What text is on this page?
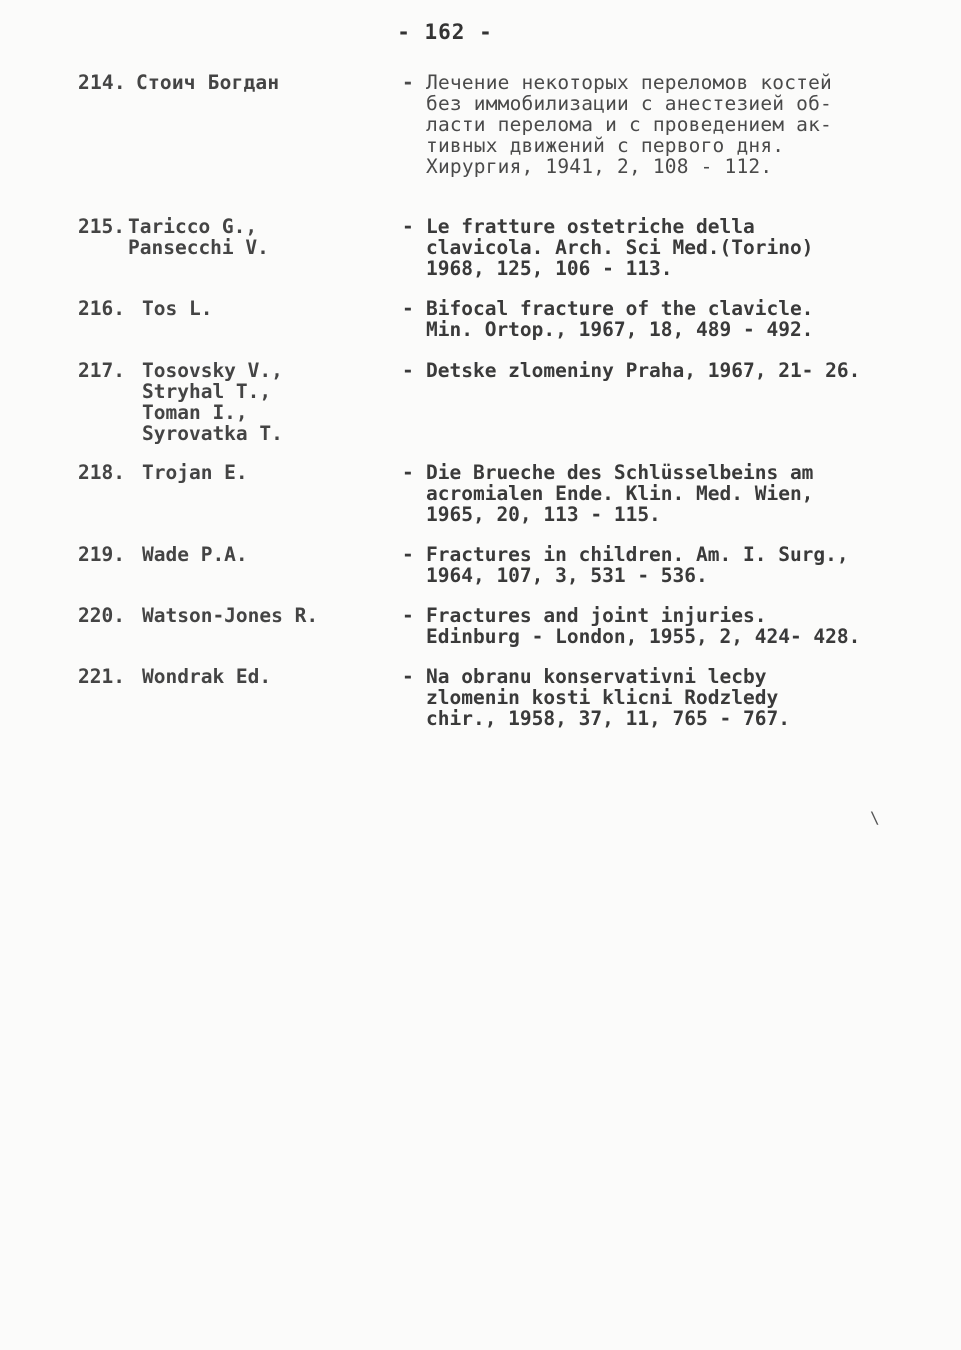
- 162 -
214. Стоич Богдан	- Лечение некоторых переломов костей
без иммобилизации с анестезией об-
ласти перелома и с проведением ак-
тивных движений с первого дня.
Хирургия, 1941, 2, 108 - 112.
215. Taricco G.,
Pansecchi V.
- Le fratture ostetriche della
clavicola. Arch. Sci Med.(Torino)
1968, 125, 106 - 113.
216. Tos L.	- Bifocal fracture of the clavicle.
Min. Ortop., 1967, 18, 489 - 492.
217. Tosovsky V.,
Stryhal T.,
Toman I.,
Syrovatka T.
- Detske zlomeniny Praha, 1967, 21- 26.
218. Trojan E.	- Die Brueche des Schlüsselbeins am
acromialen Ende. Klin. Med. Wien,
1965, 20, 113 - 115.
219. Wade P.A.	- Fractures in children. Am. I. Surg.,
1964, 107, 3, 531 - 536.
220. Watson-Jones R.	- Fractures and joint injuries.
Edinburg - London, 1955, 2, 424- 428.
221. Wondrak Ed.	- Na obranu konservativni lecby
zlomenin kosti klicni Rodzledy
chir., 1958, 37, 11, 765 - 767.
\
